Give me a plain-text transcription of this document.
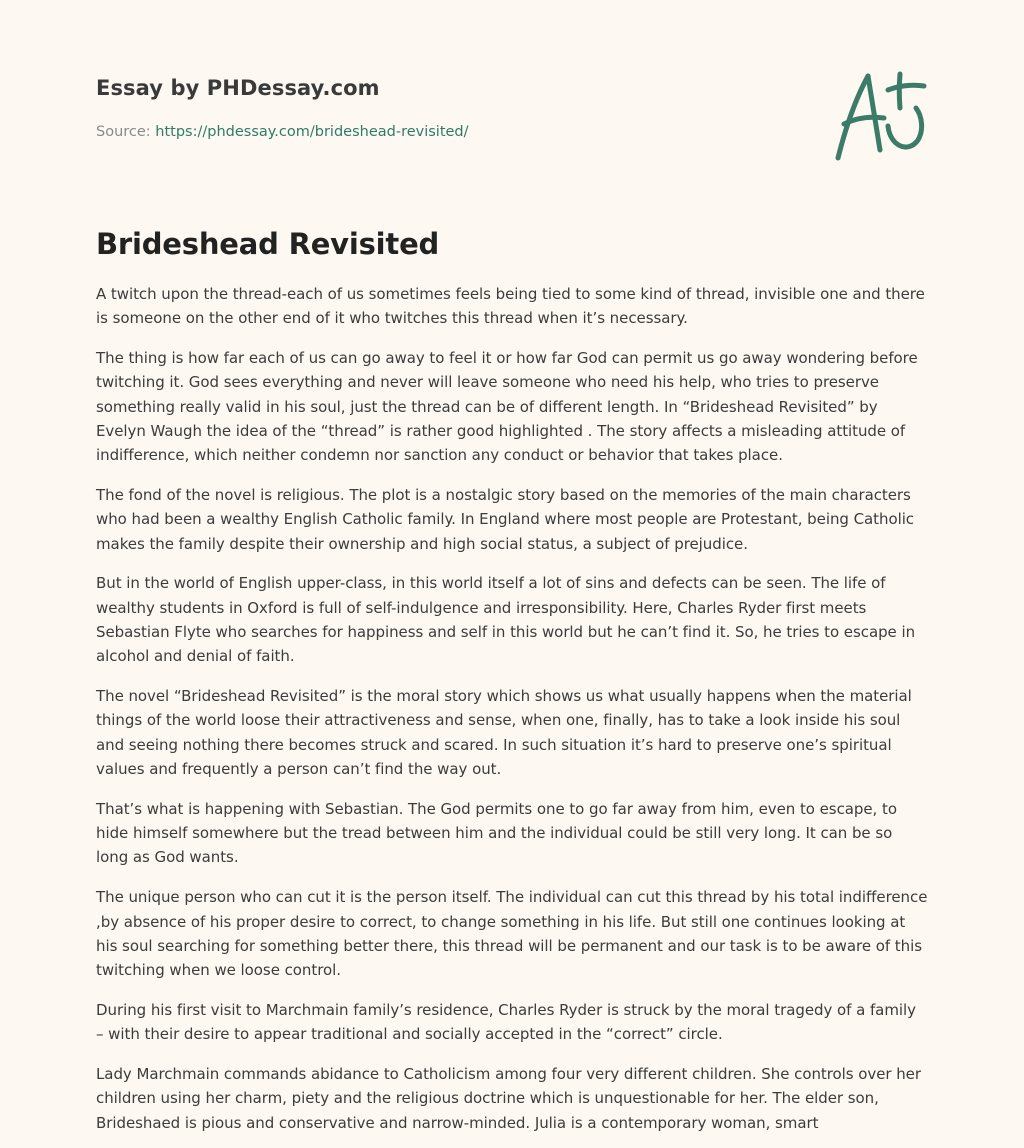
Essay by PHDessay.com
Source: https://phdessay.com/brideshead-revisited/
Brideshead Revisited

A twitch upon the thread-each of us sometimes feels being tied to some kind of thread, invisible one and there is someone on the other end of it who twitches this thread when it’s necessary.

The thing is how far each of us can go away to feel it or how far God can permit us go away wondering before twitching it. God sees everything and never will leave someone who need his help, who tries to preserve something really valid in his soul, just the thread can be of different length. In “Brideshead Revisited” by Evelyn Waugh the idea of the “thread” is rather good highlighted . The story affects a misleading attitude of indifference, which neither condemn nor sanction any conduct or behavior that takes place.

The fond of the novel is religious. The plot is a nostalgic story based on the memories of the main characters who had been a wealthy English Catholic family. In England where most people are Protestant, being Catholic makes the family despite their ownership and high social status, a subject of prejudice.

But in the world of English upper-class, in this world itself a lot of sins and defects can be seen. The life of wealthy students in Oxford is full of self-indulgence and irresponsibility. Here, Charles Ryder first meets Sebastian Flyte who searches for happiness and self in this world but he can’t find it. So, he tries to escape in alcohol and denial of faith.

The novel “Brideshead Revisited” is the moral story which shows us what usually happens when the material things of the world loose their attractiveness and sense, when one, finally, has to take a look inside his soul and seeing nothing there becomes struck and scared. In such situation it’s hard to preserve one’s spiritual values and frequently a person can’t find the way out.

That’s what is happening with Sebastian. The God permits one to go far away from him, even to escape, to hide himself somewhere but the tread between him and the individual could be still very long. It can be so long as God wants.

The unique person who can cut it is the person itself. The individual can cut this thread by his total indifference ,by absence of his proper desire to correct, to change something in his life. But still one continues looking at his soul searching for something better there, this thread will be permanent and our task is to be aware of this twitching when we loose control.

During his first visit to Marchmain family’s residence, Charles Ryder is struck by the moral tragedy of a family – with their desire to appear traditional and socially accepted in the “correct” circle.

Lady Marchmain commands abidance to Catholicism among four very different children. She controls over her children using her charm, piety and the religious doctrine which is unquestionable for her. The elder son, Brideshaed is pious and conservative and narrow-minded. Julia is a contemporary woman, smart
